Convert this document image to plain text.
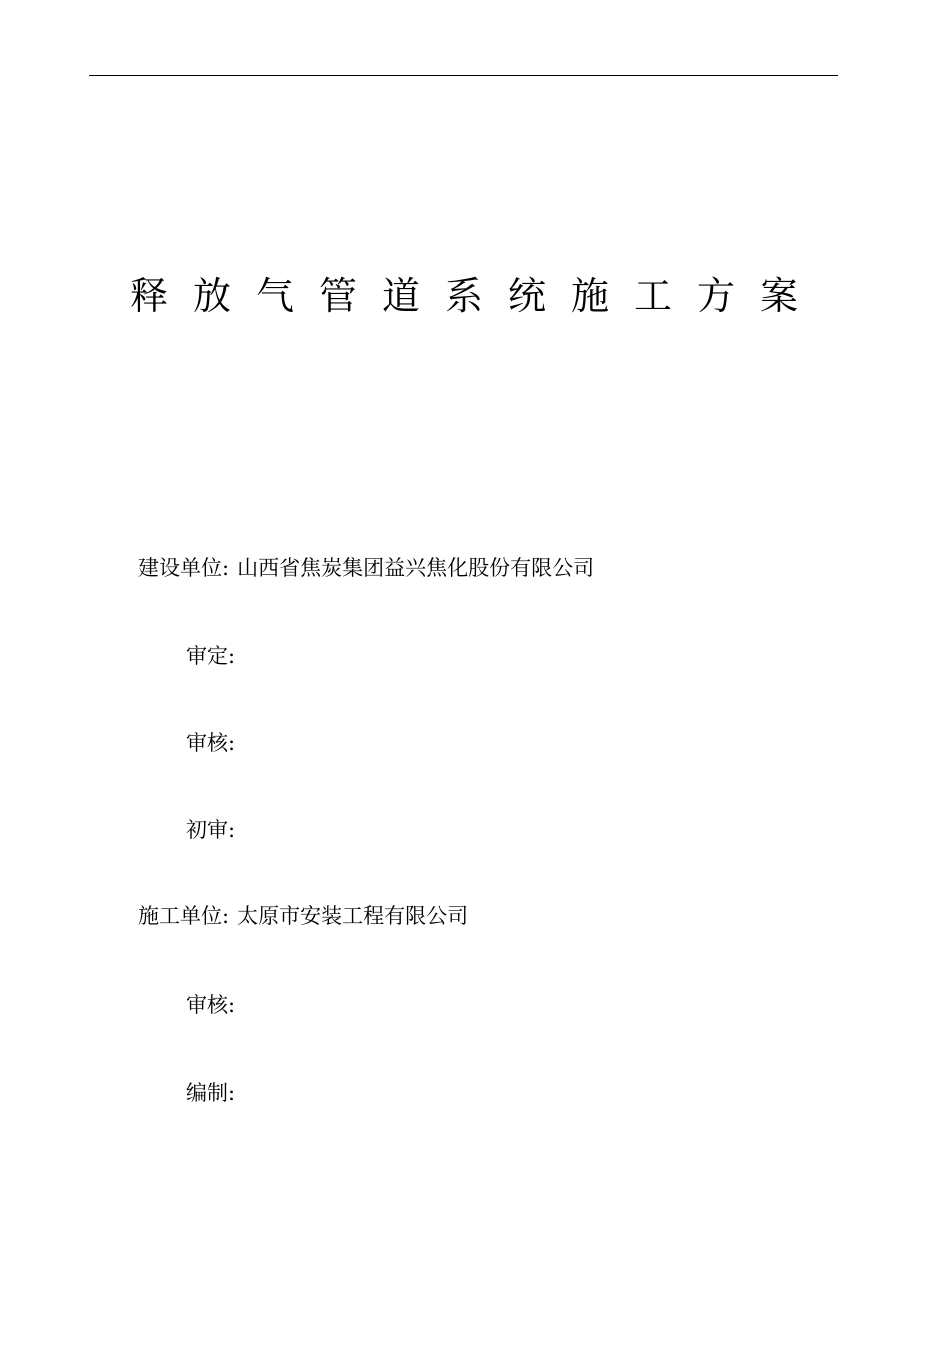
释 放 气 管 道 系 统 施 工 方 案
建设单位: 山西省焦炭集团益兴焦化股份有限公司
审定:
审核:
初审:
施工单位: 太原市安装工程有限公司
审核:
编制:
